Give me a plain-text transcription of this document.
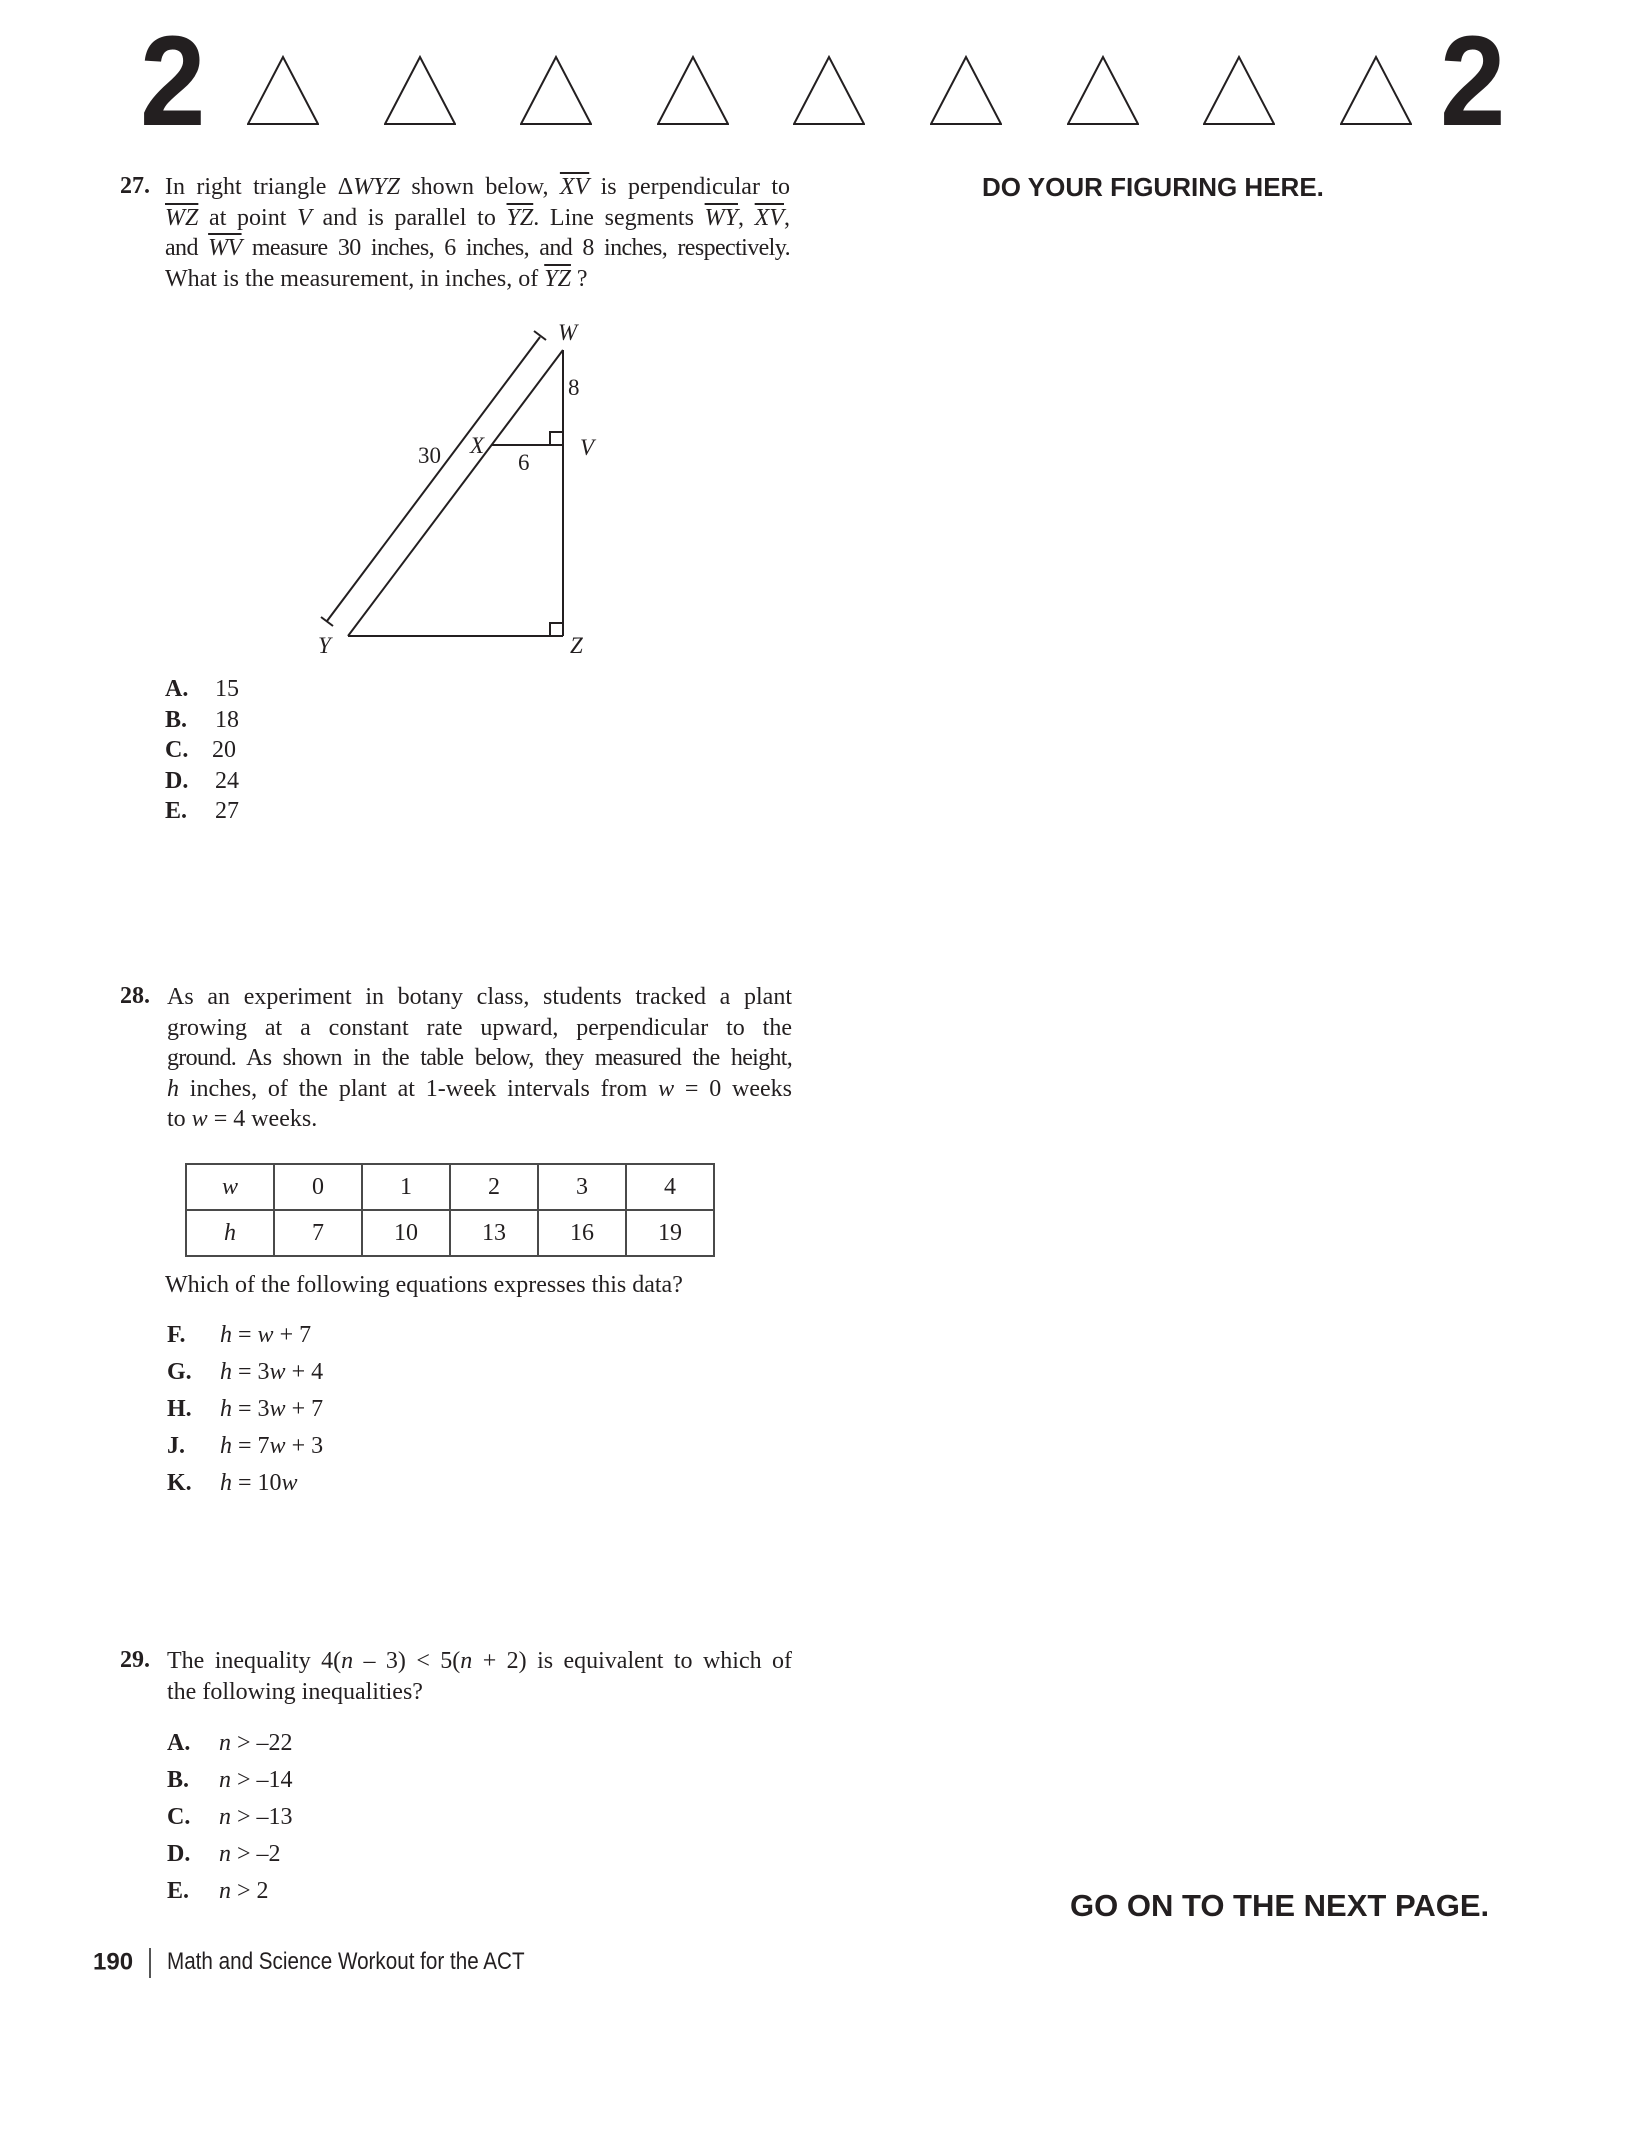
2	2
DO YOUR FIGURING HERE.
27. In right triangle ΔWYZ shown below, $\overline{XV}$ is perpendicular to
$\overline{WZ}$ at point V and is parallel to $\overline{YZ}$. Line segments $\overline{WY}$, $\overline{XV}$,
and $\overline{WV}$ measure 30 inches, 6 inches, and 8 inches, respectively.
What is the measurement, in inches, of $\overline{YZ}$ ?
W
8
V
X
30	6
Y	Z
A. 15
B. 18
C. 20
D. 24
E. 27
28. As an experiment in botany class, students tracked a plant
growing at a constant rate upward, perpendicular to the
ground. As shown in the table below, they measured the height,
h inches, of the plant at 1-week intervals from w = 0 weeks
to w = 4 weeks.
w	0	1	2	3	4
h	7	10	13	16	19
Which of the following equations expresses this data?
F. h = w + 7
G. h = 3w + 4
H. h = 3w + 7
J. h = 7w + 3
K. h = 10w
29. The inequality 4(n – 3) < 5(n + 2) is equivalent to which of
the following inequalities?
A. n > –22
B. n > –14
C. n > –13
D. n > –2
E. n > 2	GO ON TO THE NEXT PAGE.
190 Math and Science Workout for the ACT
